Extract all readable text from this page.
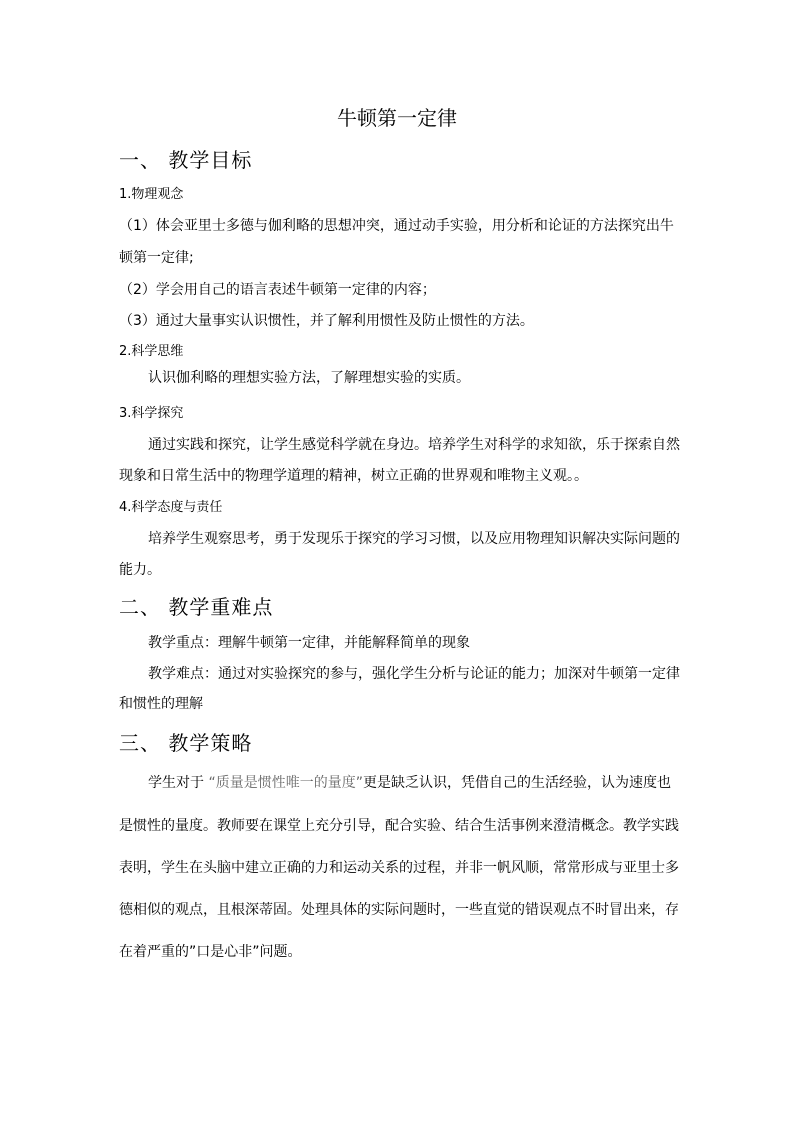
牛顿第一定律
一、 教学目标
1.物理观念
（1）体会亚里士多德与伽利略的思想冲突，通过动手实验，用分析和论证的方法探究出牛
顿第一定律;
（2）学会用自己的语言表述牛顿第一定律的内容；
（3）通过大量事实认识惯性，并了解利用惯性及防止惯性的方法。
2.科学思维
认识伽利略的理想实验方法，了解理想实验的实质。
3.科学探究
通过实践和探究，让学生感觉科学就在身边。培养学生对科学的求知欲，乐于探索自然
现象和日常生活中的物理学道理的精神，树立正确的世界观和唯物主义观。。
4.科学态度与责任
培养学生观察思考，勇于发现乐于探究的学习习惯，以及应用物理知识解决实际问题的
能力。
二、 教学重难点
教学重点：理解牛顿第一定律，并能解释简单的现象
教学难点：通过对实验探究的参与，强化学生分析与论证的能力；加深对牛顿第一定律
和惯性的理解
三、 教学策略
学生对于 “质量是惯性唯一的量度”更是缺乏认识，凭借自己的生活经验，认为速度也
是惯性的量度。教师要在课堂上充分引导，配合实验、结合生活事例来澄清概念。教学实践
表明，学生在头脑中建立正确的力和运动关系的过程，并非一帆风顺，常常形成与亚里士多
德相似的观点，且根深蒂固。处理具体的实际问题时，一些直觉的错误观点不时冒出来，存
在着严重的”口是心非”问题。
